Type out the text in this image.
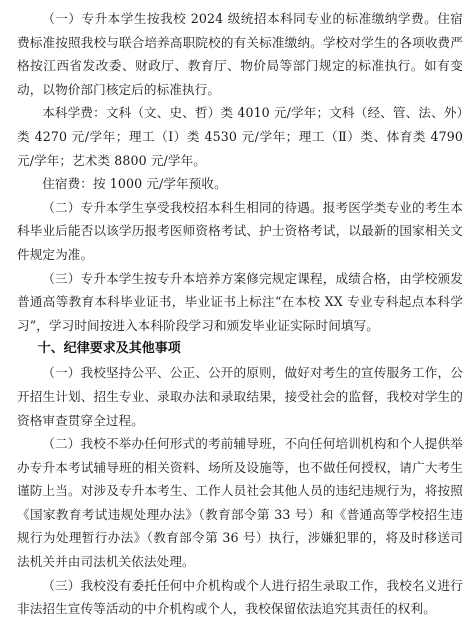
（一）专升本学生按我校 2024 级统招本科同专业的标准缴纳学费。住宿费标准按照我校与联合培养高职院校的有关标准缴纳。学校对学生的各项收费严格按江西省发改委、财政厅、教育厅、物价局等部门规定的标准执行。如有变动，以物价部门核定后的标准执行。

本科学费：文科（文、史、哲）类 4010 元/学年；文科（经、管、法、外）类 4270 元/学年；理工（Ⅰ）类 4530 元/学年；理工（Ⅱ）类、体育类 4790 元/学年；艺术类 8800 元/学年。

住宿费：按 1000 元/学年预收。

（二）专升本学生享受我校招本科生相同的待遇。报考医学类专业的考生本科毕业后能否以该学历报考医师资格考试、护士资格考试，以最新的国家相关文件规定为准。

（三）专升本学生按专升本培养方案修完规定课程，成绩合格，由学校颁发普通高等教育本科毕业证书，毕业证书上标注“在本校 XX 专业专科起点本科学习”，学习时间按进入本科阶段学习和颁发毕业证实际时间填写。

十、纪律要求及其他事项

（一）我校坚持公平、公正、公开的原则，做好对考生的宣传服务工作，公开招生计划、招生专业、录取办法和录取结果，接受社会的监督，我校对学生的资格审查贯穿全过程。

（二）我校不举办任何形式的考前辅导班，不向任何培训机构和个人提供举办专升本考试辅导班的相关资料、场所及设施等，也不做任何授权，请广大考生谨防上当。对涉及专升本考生、工作人员社会其他人员的违纪违规行为，将按照《国家教育考试违规处理办法》（教育部令第 33 号）和《普通高等学校招生违规行为处理暂行办法》（教育部令第 36 号）执行，涉嫌犯罪的，将及时移送司法机关并由司法机关依法处理。

（三）我校没有委托任何中介机构或个人进行招生录取工作，我校名义进行非法招生宣传等活动的中介机构或个人，我校保留依法追究其责任的权利。
